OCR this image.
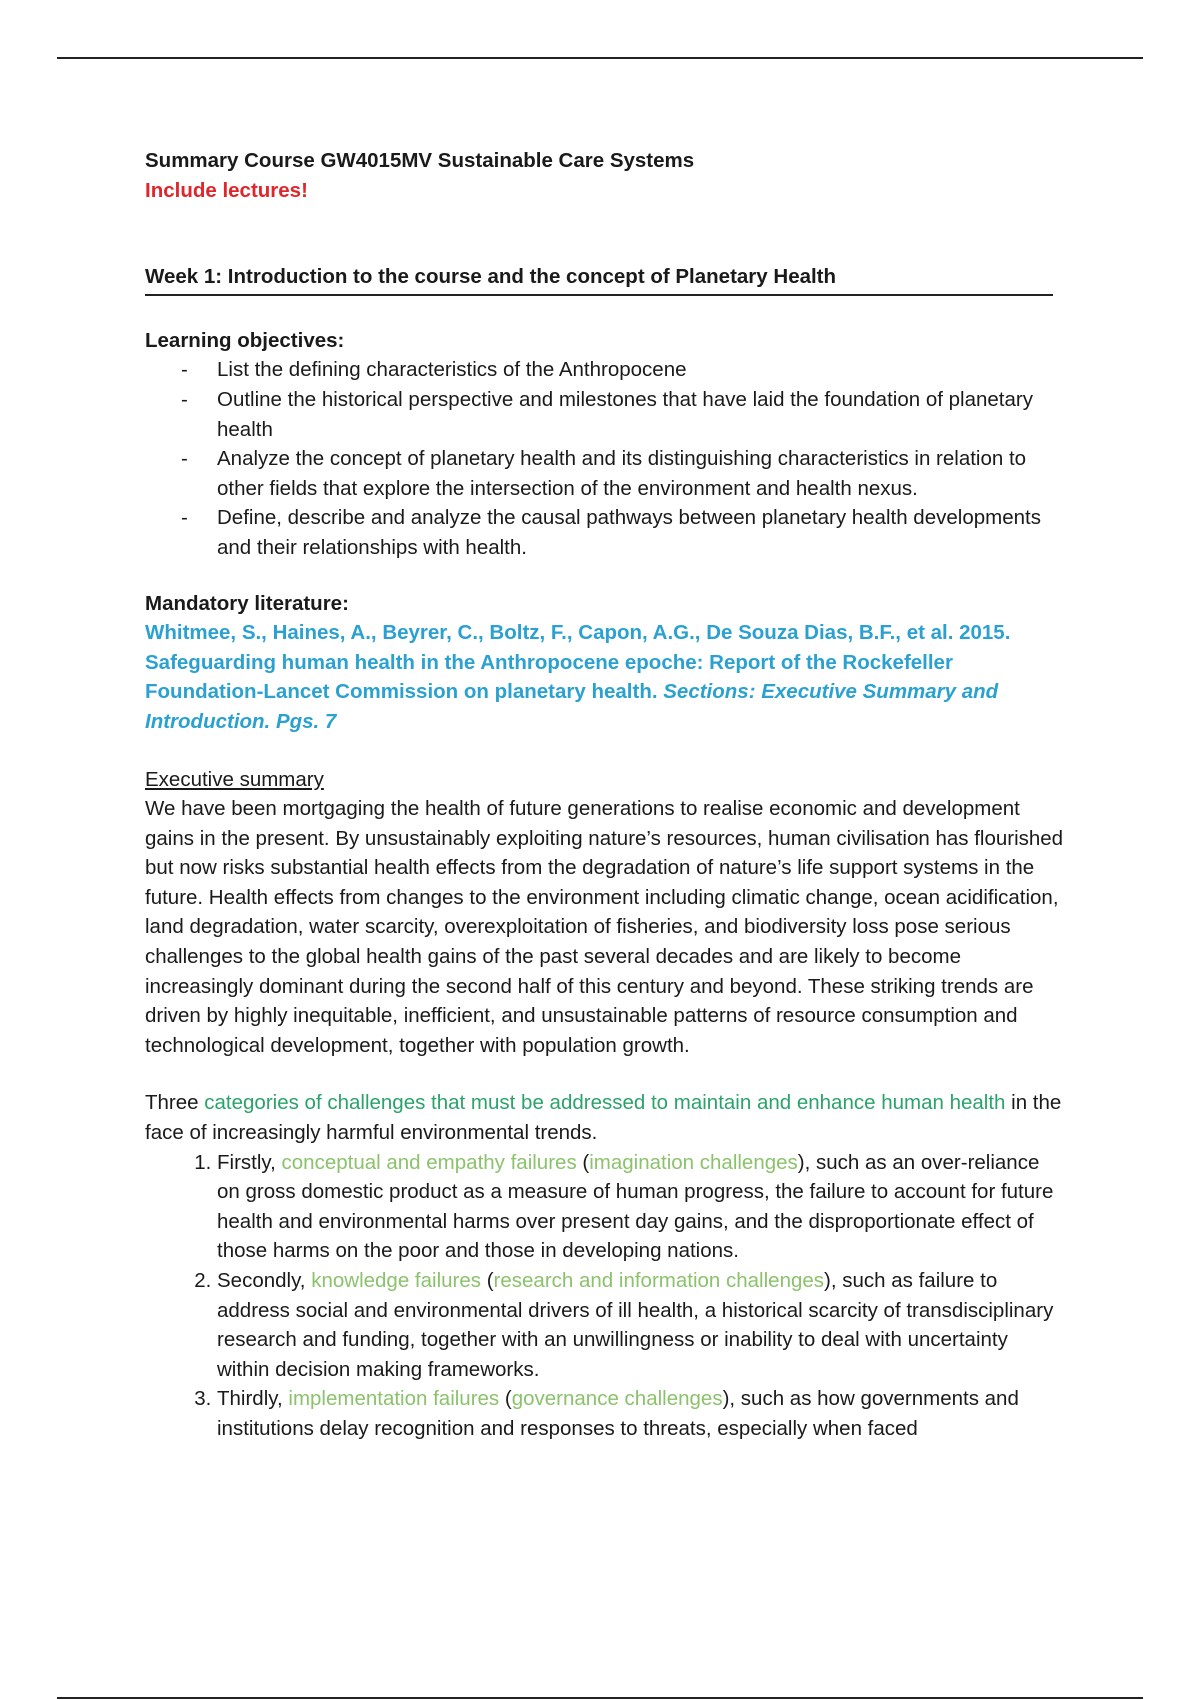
Summary Course GW4015MV Sustainable Care Systems
Include lectures!
Week 1: Introduction to the course and the concept of Planetary Health
Learning objectives:
- List the defining characteristics of the Anthropocene
- Outline the historical perspective and milestones that have laid the foundation of planetary health
- Analyze the concept of planetary health and its distinguishing characteristics in relation to other fields that explore the intersection of the environment and health nexus.
- Define, describe and analyze the causal pathways between planetary health developments and their relationships with health.
Mandatory literature:
Whitmee, S., Haines, A., Beyrer, C., Boltz, F., Capon, A.G., De Souza Dias, B.F., et al. 2015. Safeguarding human health in the Anthropocene epoche: Report of the Rockefeller Foundation-Lancet Commission on planetary health. Sections: Executive Summary and Introduction. Pgs. 7
Executive summary

We have been mortgaging the health of future generations to realise economic and development gains in the present. By unsustainably exploiting nature’s resources, human civilisation has flourished but now risks substantial health effects from the degradation of nature’s life support systems in the future. Health effects from changes to the environment including climatic change, ocean acidification, land degradation, water scarcity, overexploitation of fisheries, and biodiversity loss pose serious challenges to the global health gains of the past several decades and are likely to become increasingly dominant during the second half of this century and beyond. These striking trends are driven by highly inequitable, inefficient, and unsustainable patterns of resource consumption and technological development, together with population growth.

Three categories of challenges that must be addressed to maintain and enhance human health in the face of increasingly harmful environmental trends.

1. Firstly, conceptual and empathy failures (imagination challenges), such as an over-reliance on gross domestic product as a measure of human progress, the failure to account for future health and environmental harms over present day gains, and the disproportionate effect of those harms on the poor and those in developing nations.
2. Secondly, knowledge failures (research and information challenges), such as failure to address social and environmental drivers of ill health, a historical scarcity of transdisciplinary research and funding, together with an unwillingness or inability to deal with uncertainty within decision making frameworks.
3. Thirdly, implementation failures (governance challenges), such as how governments and institutions delay recognition and responses to threats, especially when faced
